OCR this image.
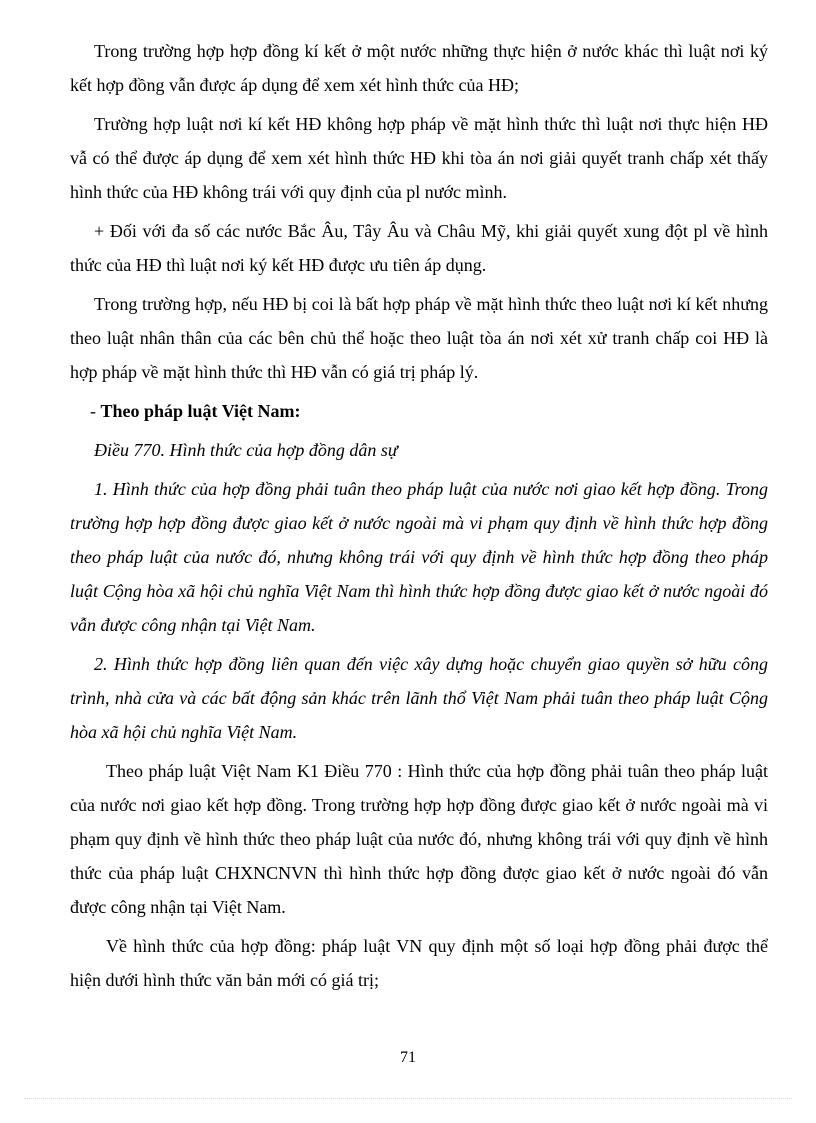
Trong trường hợp hợp đồng kí kết ở một nước những thực hiện ở nước khác thì luật nơi ký kết hợp đồng vẫn được áp dụng để xem xét hình thức của HĐ;

Trường hợp luật nơi kí kết HĐ không hợp pháp về mặt hình thức thì luật nơi thực hiện HĐ vẫ có thể được áp dụng để xem xét hình thức HĐ khi tòa án nơi giải quyết tranh chấp xét thấy hình thức của HĐ không trái với quy định của pl nước mình.

+ Đối với đa số các nước Bắc Âu, Tây Âu và Châu Mỹ, khi giải quyết xung đột pl về hình thức của HĐ thì luật nơi ký kết HĐ được ưu tiên áp dụng.

Trong trường hợp, nếu HĐ bị coi là bất hợp pháp về mặt hình thức theo luật nơi kí kết nhưng theo luật nhân thân của các bên chủ thể hoặc theo luật tòa án nơi xét xử tranh chấp coi HĐ là hợp pháp về mặt hình thức thì HĐ vẫn có giá trị pháp lý.

- Theo pháp luật Việt Nam:

Điều 770. Hình thức của hợp đồng dân sự

1. Hình thức của hợp đồng phải tuân theo pháp luật của nước nơi giao kết hợp đồng. Trong trường hợp hợp đồng được giao kết ở nước ngoài mà vi phạm quy định về hình thức hợp đồng theo pháp luật của nước đó, nhưng không trái với quy định về hình thức hợp đồng theo pháp luật Cộng hòa xã hội chủ nghĩa Việt Nam thì hình thức hợp đồng được giao kết ở nước ngoài đó vẫn được công nhận tại Việt Nam.

2. Hình thức hợp đồng liên quan đến việc xây dựng hoặc chuyển giao quyền sở hữu công trình, nhà cửa và các bất động sản khác trên lãnh thổ Việt Nam phải tuân theo pháp luật Cộng hòa xã hội chủ nghĩa Việt Nam.

Theo pháp luật Việt Nam K1 Điều 770 : Hình thức của hợp đồng phải tuân theo pháp luật của nước nơi giao kết hợp đồng. Trong trường hợp hợp đồng được giao kết ở nước ngoài mà vi phạm quy định về hình thức theo pháp luật của nước đó, nhưng không trái với quy định về hình thức của pháp luật CHXNCNVN thì hình thức hợp đồng được giao kết ở nước ngoài đó vẫn được công nhận tại Việt Nam.

Về hình thức của hợp đồng: pháp luật VN quy định một số loại hợp đồng phải được thể hiện dưới hình thức văn bản mới có giá trị;

71
